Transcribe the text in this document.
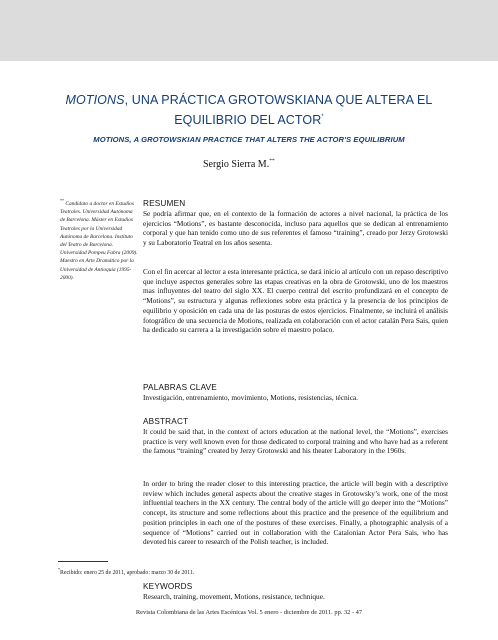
MOTIONS, UNA PRÁCTICA GROTOWSKIANA QUE ALTERA EL
EQUILIBRIO DEL ACTOR*
MOTIONS, A GROTOWSKIAN PRACTICE THAT ALTERS THE ACTOR'S EQUILIBRIUM
Sergio Sierra M.**
** Candidato a doctor en Estudios Teatrales. Universidad Autónoma de Barcelona. Máster en Estudios Teatrales por la Universidad Autónoma de Barcelona. Instituto del Teatro de Barcelona. Universidad Pompeu Fabra (2009). Maestro en Arte Dramático por la Universidad de Antioquia (1995- 2000).

RESUMEN

Se podría afirmar que, en el contexto de la formación de actores a nivel nacional, la práctica de los ejercicios “Motions”, es bastante desconocida, incluso para aquellos que se dedican al entrenamiento corporal y que han tenido como uno de sus referentes el famoso “training”, creado por Jerzy Grotowski y su Laboratorio Teatral en los años sesenta.

Con el fin acercar al lector a esta interesante práctica, se dará inicio al artículo con un repaso descriptivo que incluye aspectos generales sobre las etapas creativas en la obra de Grotowski, uno de los maestros mas influyentes del teatro del siglo XX. El cuerpo central del escrito profundizará en el concepto de “Motions”, su estructura y algunas reflexiones sobre esta práctica y la presencia de los principios de equilibrio y oposición en cada una de las posturas de estos ejercicios. Finalmente, se incluirá el análisis fotográfico de una secuencia de Motions, realizada en colaboración con el actor catalán Pera Sais, quien ha dedicado su carrera a la investigación sobre el maestro polaco.

PALABRAS CLAVE

Investigación, entrenamiento, movimiento, Motions, resistencias, técnica.

ABSTRACT

It could be said that, in the context of actors education at the national level, the “Motions”, exercises practice is very well known even for those dedicated to corporal training and who have had as a referent the famous “training” created by Jerzy Grotowski and his theater Laboratory in the 1960s.

In order to bring the reader closer to this interesting practice, the article will begin with a descriptive review which includes general aspects about the creative stages in Grotowsky’s work, one of the most influential teachers in the XX century. The central body of the article will go deeper into the “Motions” concept, its structure and some reflections about this practice and the presence of the equilibrium and position principles in each one of the postures of these exercises. Finally, a photographic analysis of a sequence of “Motions” carried out in collaboration with the Catalonian Actor Pera Sais, who has devoted his career to research of the Polish teacher, is included.

KEYWORDS

Research, training, movement, Motions, resistance, technique.

*Recibido: enero 25 de 2011, aprobado: marzo 30 de 2011.
Revista Colombiana de las Artes Escénicas Vol. 5 enero - diciembre de 2011. pp. 32 - 47
